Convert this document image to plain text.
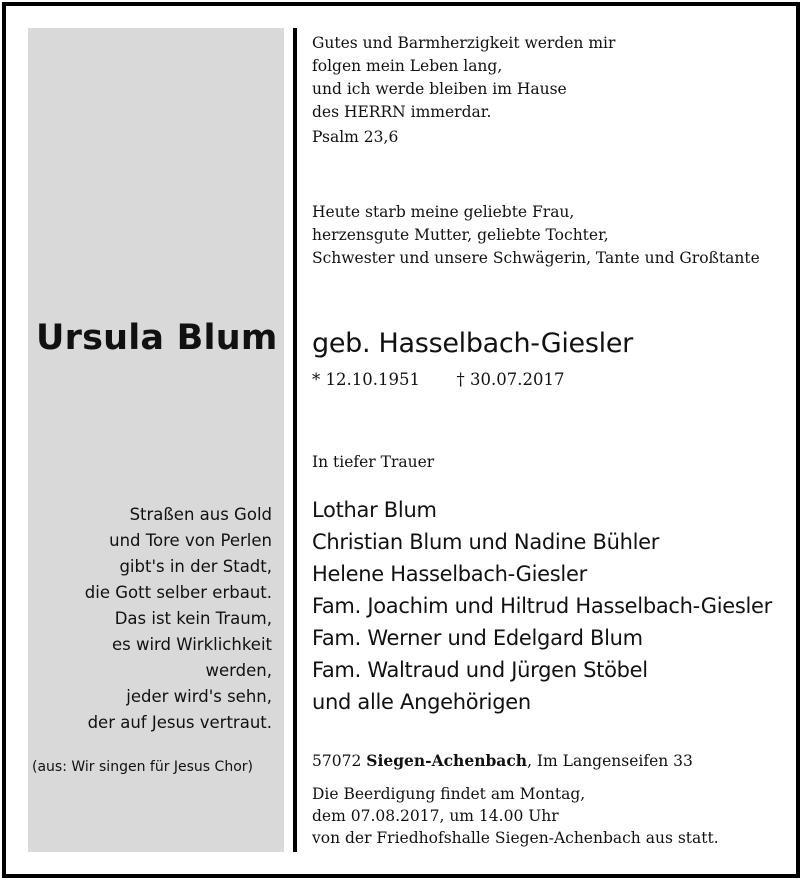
Gutes und Barmherzigkeit werden mir
folgen mein Leben lang,
und ich werde bleiben im Hause
des HERRN immerdar.
Psalm 23,6
Heute starb meine geliebte Frau,
herzensgute Mutter, geliebte Tochter,
Schwester und unsere Schwägerin, Tante und Großtante
Ursula Blum geb. Hasselbach-Giesler
* 12.10.1951 † 30.07.2017
In tiefer Trauer
Lothar Blum
Christian Blum und Nadine Bühler
Helene Hasselbach-Giesler
Fam. Joachim und Hiltrud Hasselbach-Giesler
Fam. Werner und Edelgard Blum
Fam. Waltraud und Jürgen Stöbel
und alle Angehörigen
Straßen aus Gold
und Tore von Perlen
gibt's in der Stadt,
die Gott selber erbaut.
Das ist kein Traum,
es wird Wirklichkeit
werden,
jeder wird's sehn,
der auf Jesus vertraut.
(aus: Wir singen für Jesus Chor)	57072 Siegen-Achenbach, Im Langenseifen 33
Die Beerdigung findet am Montag,
dem 07.08.2017, um 14.00 Uhr
von der Friedhofshalle Siegen-Achenbach aus statt.
